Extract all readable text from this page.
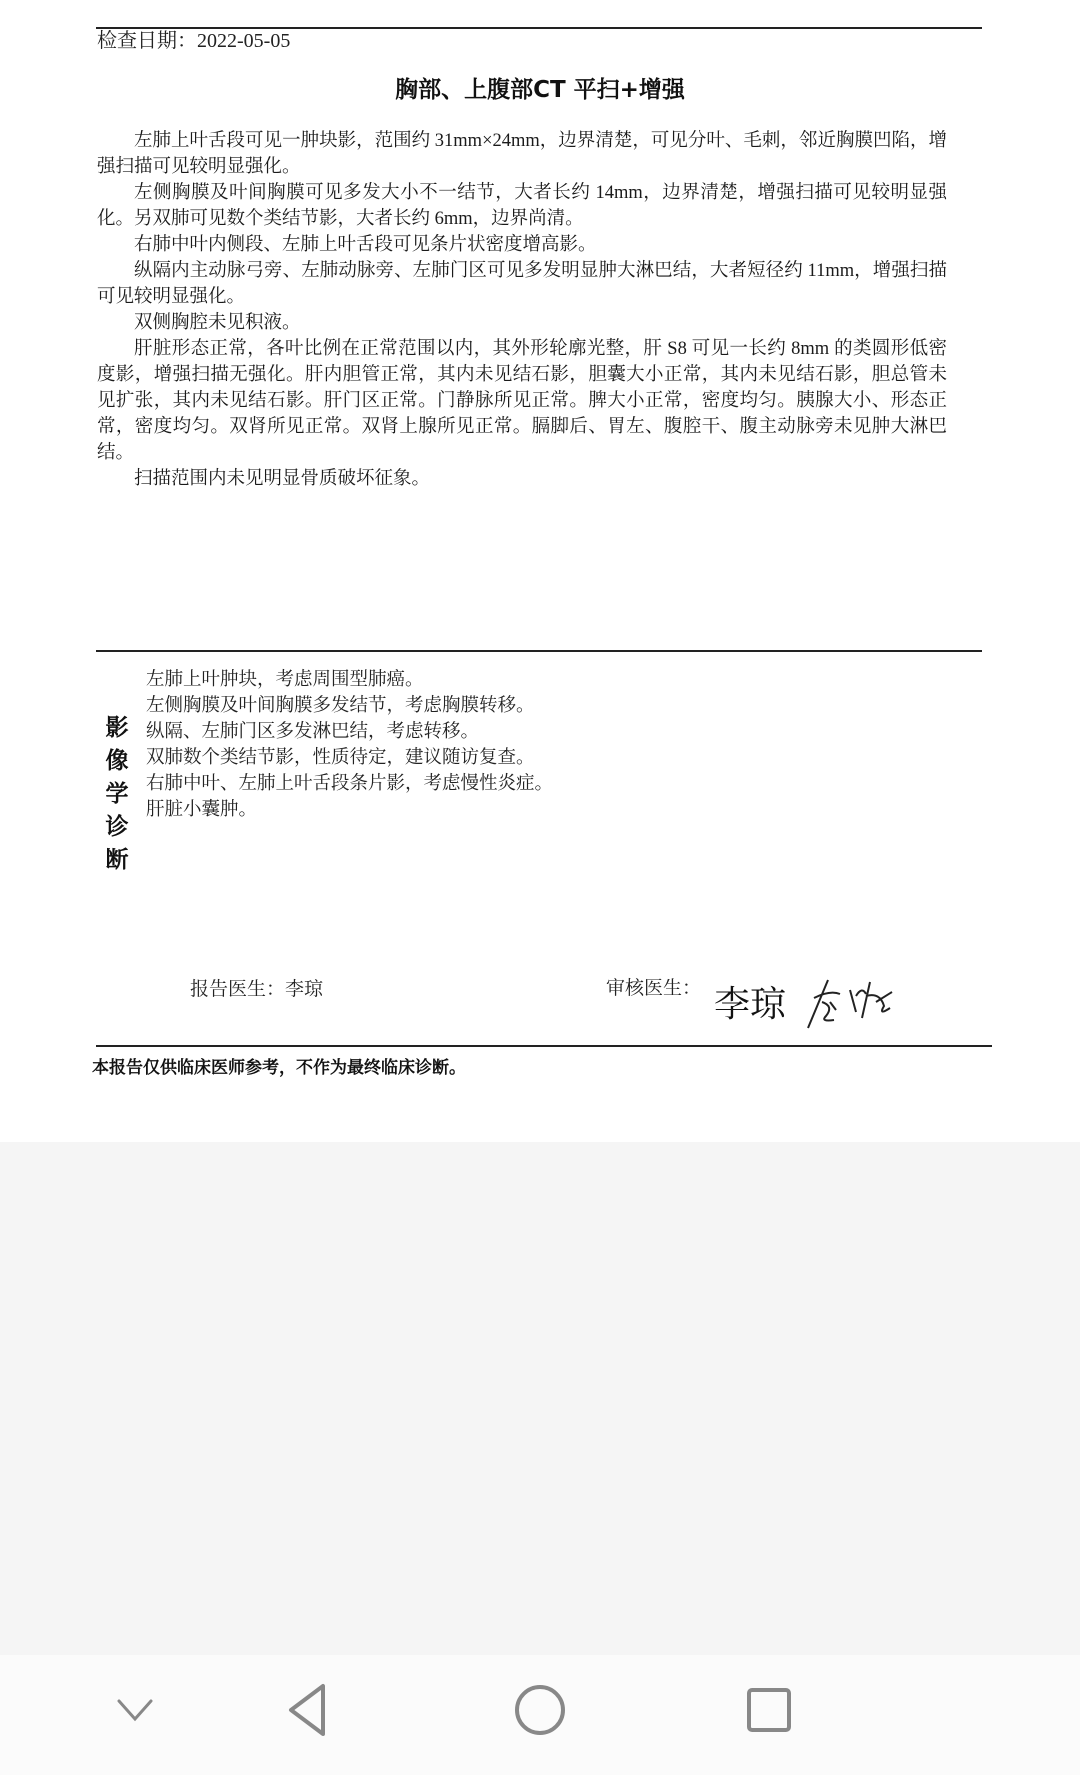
检查日期：2022-05-05
胸部、上腹部CT 平扫+增强

左肺上叶舌段可见一肿块影，范围约 31mm×24mm，边界清楚，可见分叶、毛刺，邻近胸膜凹陷，增强扫描可见较明显强化。

左侧胸膜及叶间胸膜可见多发大小不一结节，大者长约 14mm，边界清楚，增强扫描可见较明显强化。另双肺可见数个类结节影，大者长约 6mm，边界尚清。

右肺中叶内侧段、左肺上叶舌段可见条片状密度增高影。

纵隔内主动脉弓旁、左肺动脉旁、左肺门区可见多发明显肿大淋巴结，大者短径约 11mm，增强扫描可见较明显强化。

双侧胸腔未见积液。

肝脏形态正常，各叶比例在正常范围以内，其外形轮廓光整，肝 S8 可见一长约 8mm 的类圆形低密度影，增强扫描无强化。肝内胆管正常，其内未见结石影，胆囊大小正常，其内未见结石影，胆总管未见扩张，其内未见结石影。肝门区正常。门静脉所见正常。脾大小正常，密度均匀。胰腺大小、形态正常，密度均匀。双肾所见正常。双肾上腺所见正常。膈脚后、胃左、腹腔干、腹主动脉旁未见肿大淋巴结。

扫描范围内未见明显骨质破坏征象。

影
像
学
诊
断
左肺上叶肿块，考虑周围型肺癌。
左侧胸膜及叶间胸膜多发结节，考虑胸膜转移。
纵隔、左肺门区多发淋巴结，考虑转移。
双肺数个类结节影，性质待定，建议随访复查。
右肺中叶、左肺上叶舌段条片影，考虑慢性炎症。
肝脏小囊肿。
报告医生：李琼	审核医生： 李琼
本报告仅供临床医师参考，不作为最终临床诊断。
